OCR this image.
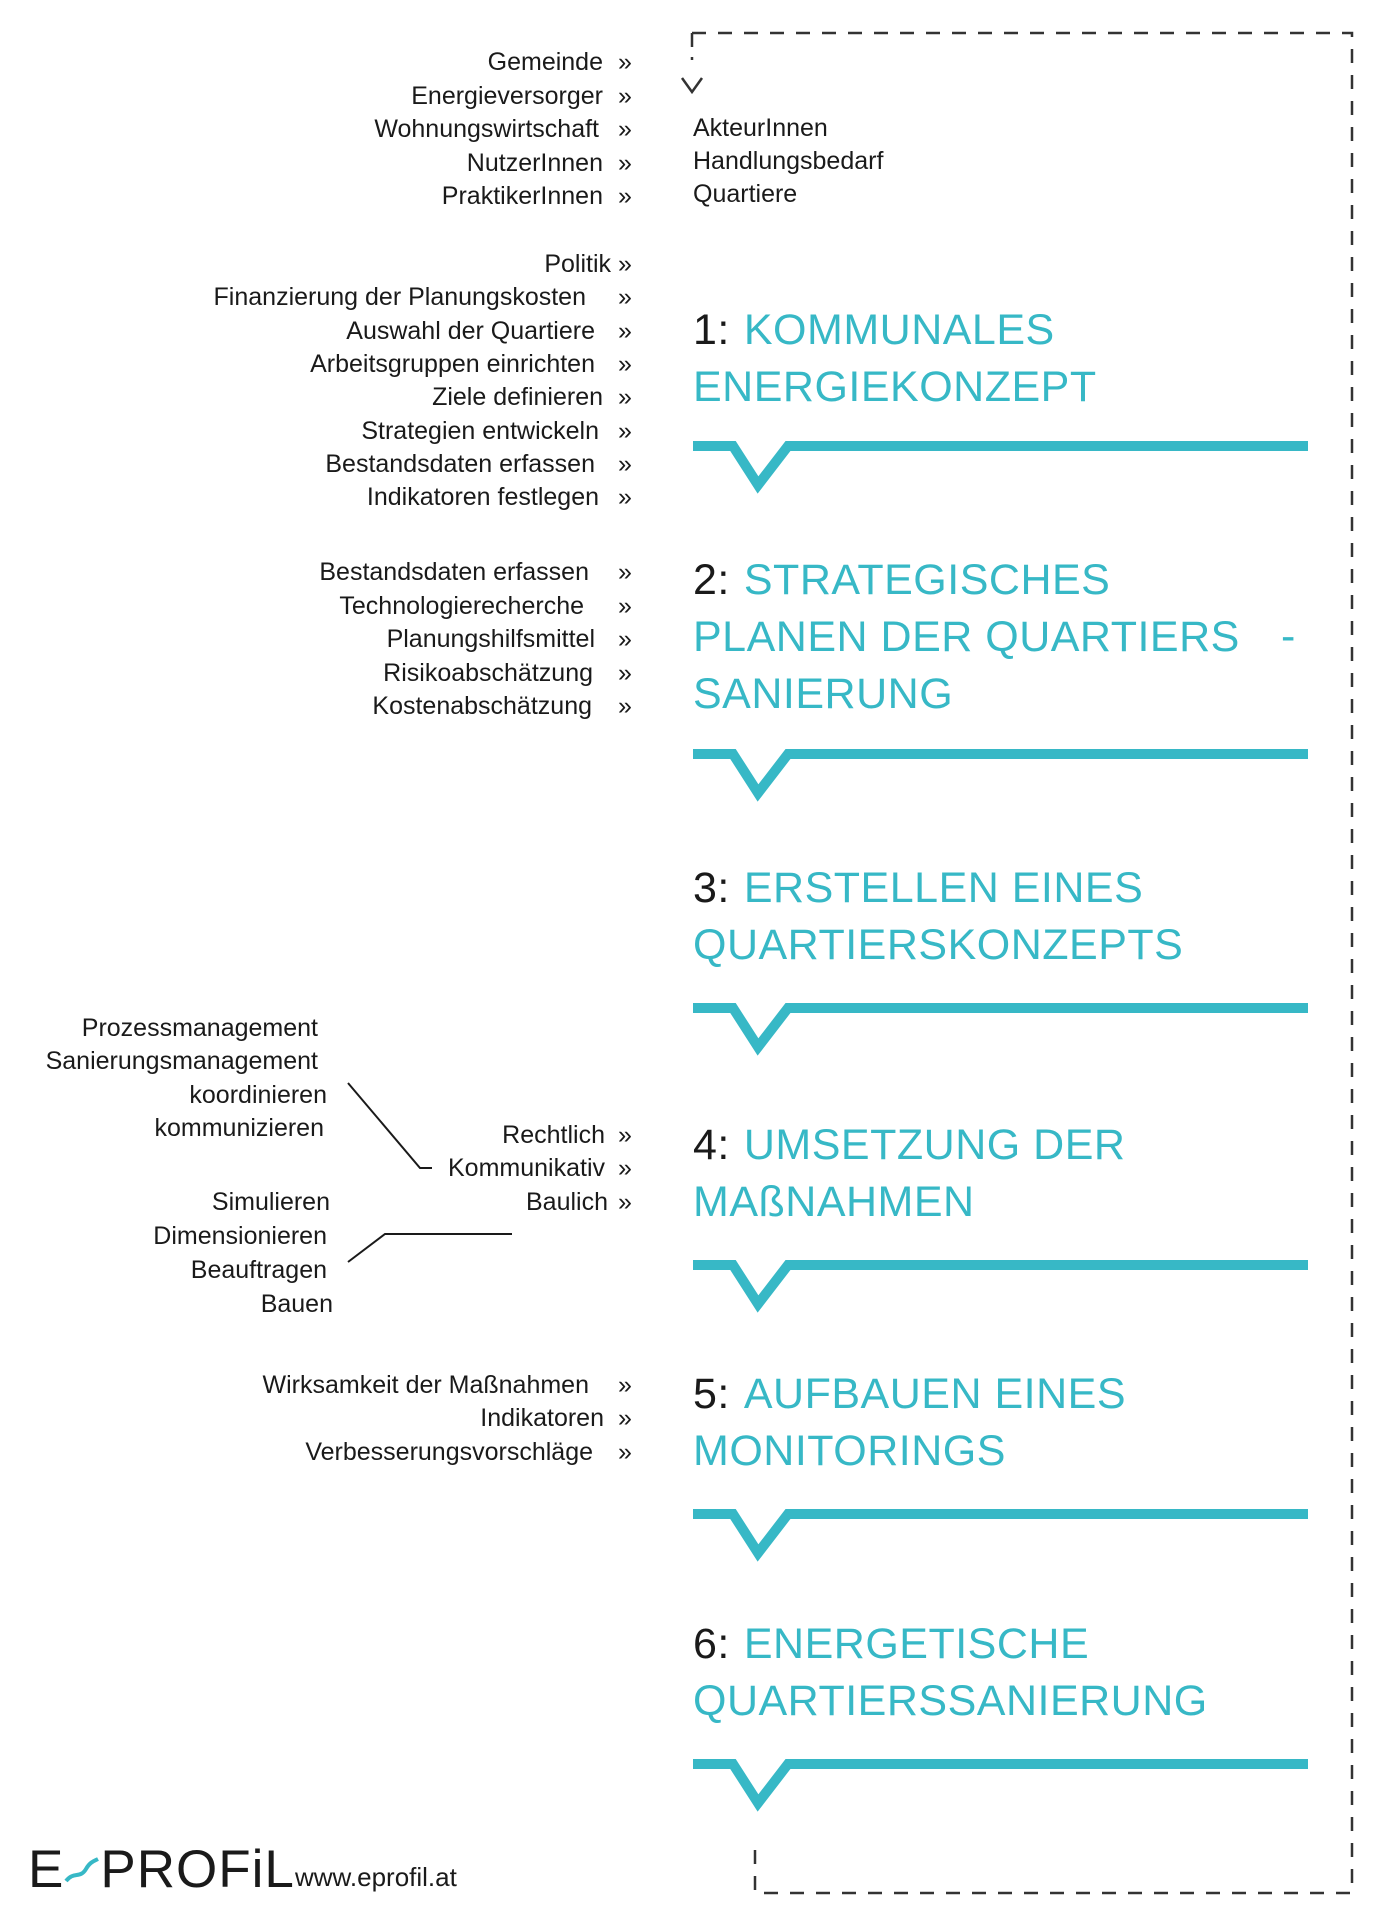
Gemeinde
Energieversorger
Wohnungswirtschaft
NutzerInnen
PraktikerInnen
»
»
»
»
»
AkteurInnen
Handlungsbedarf
Quartiere
Politik
Finanzierung der Planungskosten
Auswahl der Quartiere
Arbeitsgruppen einrichten
Ziele definieren
Strategien entwickeln
Bestandsdaten erfassen
Indikatoren festlegen
»
»
»
»
»
»
»
»
Bestandsdaten erfassen
Technologierecherche
Planungshilfsmittel
Risikoabschätzung
Kostenabschätzung
»
»
»
»
»
Prozessmanagement
Sanierungsmanagement
koordinieren
kommunizieren
Simulieren
Dimensionieren
Beauftragen
Bauen
Rechtlich
Kommunikativ
Baulich
»
»
»
Wirksamkeit der Maßnahmen
Indikatoren
Verbesserungsvorschläge
»
»
»
1: KOMMUNALES
ENERGIEKONZEPT
2: STRATEGISCHES
PLANEN DER QUARTIERS
SANIERUNG
-
3: ERSTELLEN EINES
QUARTIERSKONZEPTS
4: UMSETZUNG DER
MAßNAHMEN
5: AUFBAUEN EINES
MONITORINGS
6: ENERGETISCHE
QUARTIERSSANIERUNG
E PROFiL www.eprofil.at
